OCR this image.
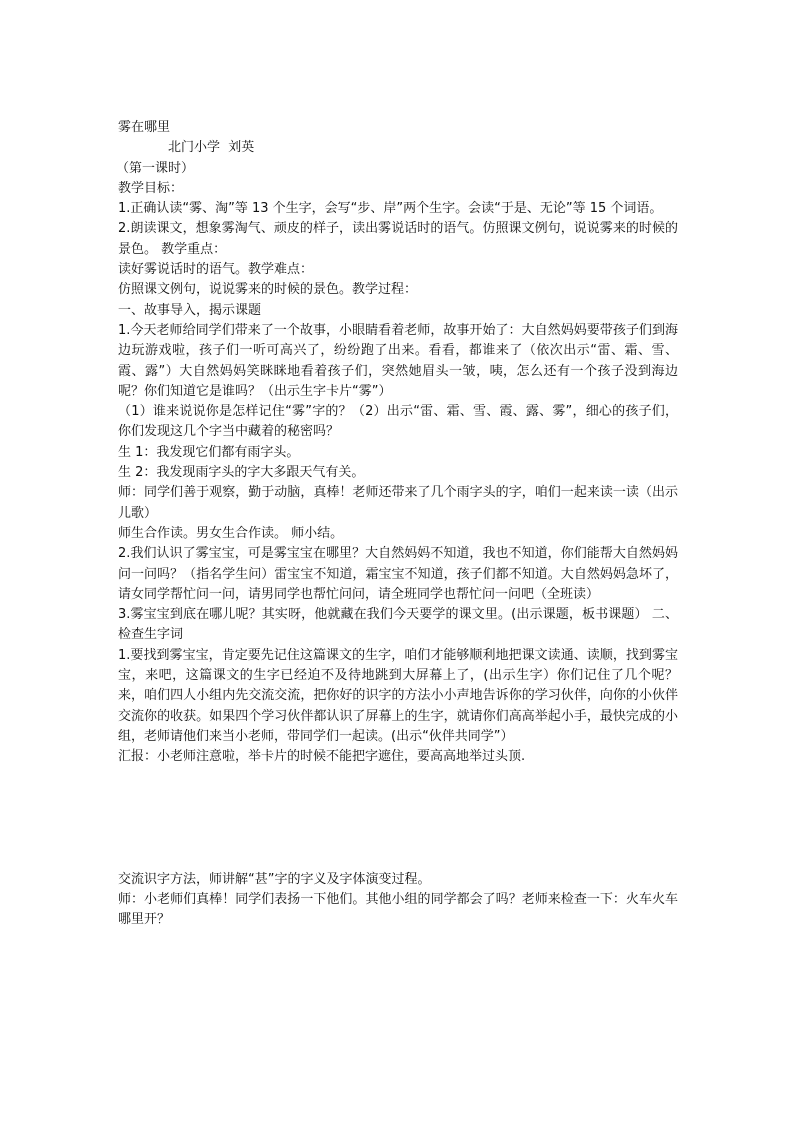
雾在哪里
北门小学  刘英
（第一课时）
教学目标：
1.正确认读“雾、淘”等 13 个生字，会写“步、岸”两个生字。会读“于是、无论”等 15 个词语。
2.朗读课文，想象雾淘气、顽皮的样子，读出雾说话时的语气。仿照课文例句，说说雾来的时候的景色。 教学重点：
读好雾说话时的语气。教学难点：
仿照课文例句，说说雾来的时候的景色。教学过程：
一、故事导入，揭示课题
1.今天老师给同学们带来了一个故事，小眼睛看着老师，故事开始了：大自然妈妈要带孩子们到海边玩游戏啦，孩子们一听可高兴了，纷纷跑了出来。看看，都谁来了（依次出示“雷、霜、雪、霞、露”）大自然妈妈笑眯眯地看着孩子们，突然她眉头一皱，咦，怎么还有一个孩子没到海边呢？你们知道它是谁吗？（出示生字卡片“雾”）
（1）谁来说说你是怎样记住“雾”字的？（2）出示“雷、霜、雪、霞、露、雾”，细心的孩子们，你们发现这几个字当中藏着的秘密吗？
生 1：我发现它们都有雨字头。
生 2：我发现雨字头的字大多跟天气有关。
师：同学们善于观察，勤于动脑，真棒！老师还带来了几个雨字头的字，咱们一起来读一读（出示儿歌）
师生合作读。男女生合作读。 师小结。
2.我们认识了雾宝宝，可是雾宝宝在哪里？大自然妈妈不知道，我也不知道，你们能帮大自然妈妈问一问吗？（指名学生问）雷宝宝不知道，霜宝宝不知道，孩子们都不知道。大自然妈妈急坏了，请女同学帮忙问一问，请男同学也帮忙问问，请全班同学也帮忙问一问吧（全班读）
3.雾宝宝到底在哪儿呢？其实呀，他就藏在我们今天要学的课文里。(出示课题，板书课题） 二、检查生字词
1.要找到雾宝宝，肯定要先记住这篇课文的生字，咱们才能够顺利地把课文读通、读顺，找到雾宝宝，来吧，这篇课文的生字已经迫不及待地跳到大屏幕上了，(出示生字）你们记住了几个呢？来，咱们四人小组内先交流交流，把你好的识字的方法小小声地告诉你的学习伙伴，向你的小伙伴交流你的收获。如果四个学习伙伴都认识了屏幕上的生字，就请你们高高举起小手，最快完成的小组，老师请他们来当小老师，带同学们一起读。(出示“伙伴共同学”）
汇报：小老师注意啦，举卡片的时候不能把字遮住，要高高地举过头顶.
交流识字方法，师讲解“甚”字的字义及字体演变过程。
师：小老师们真棒！同学们表扬一下他们。其他小组的同学都会了吗？老师来检查一下：火车火车哪里开？
